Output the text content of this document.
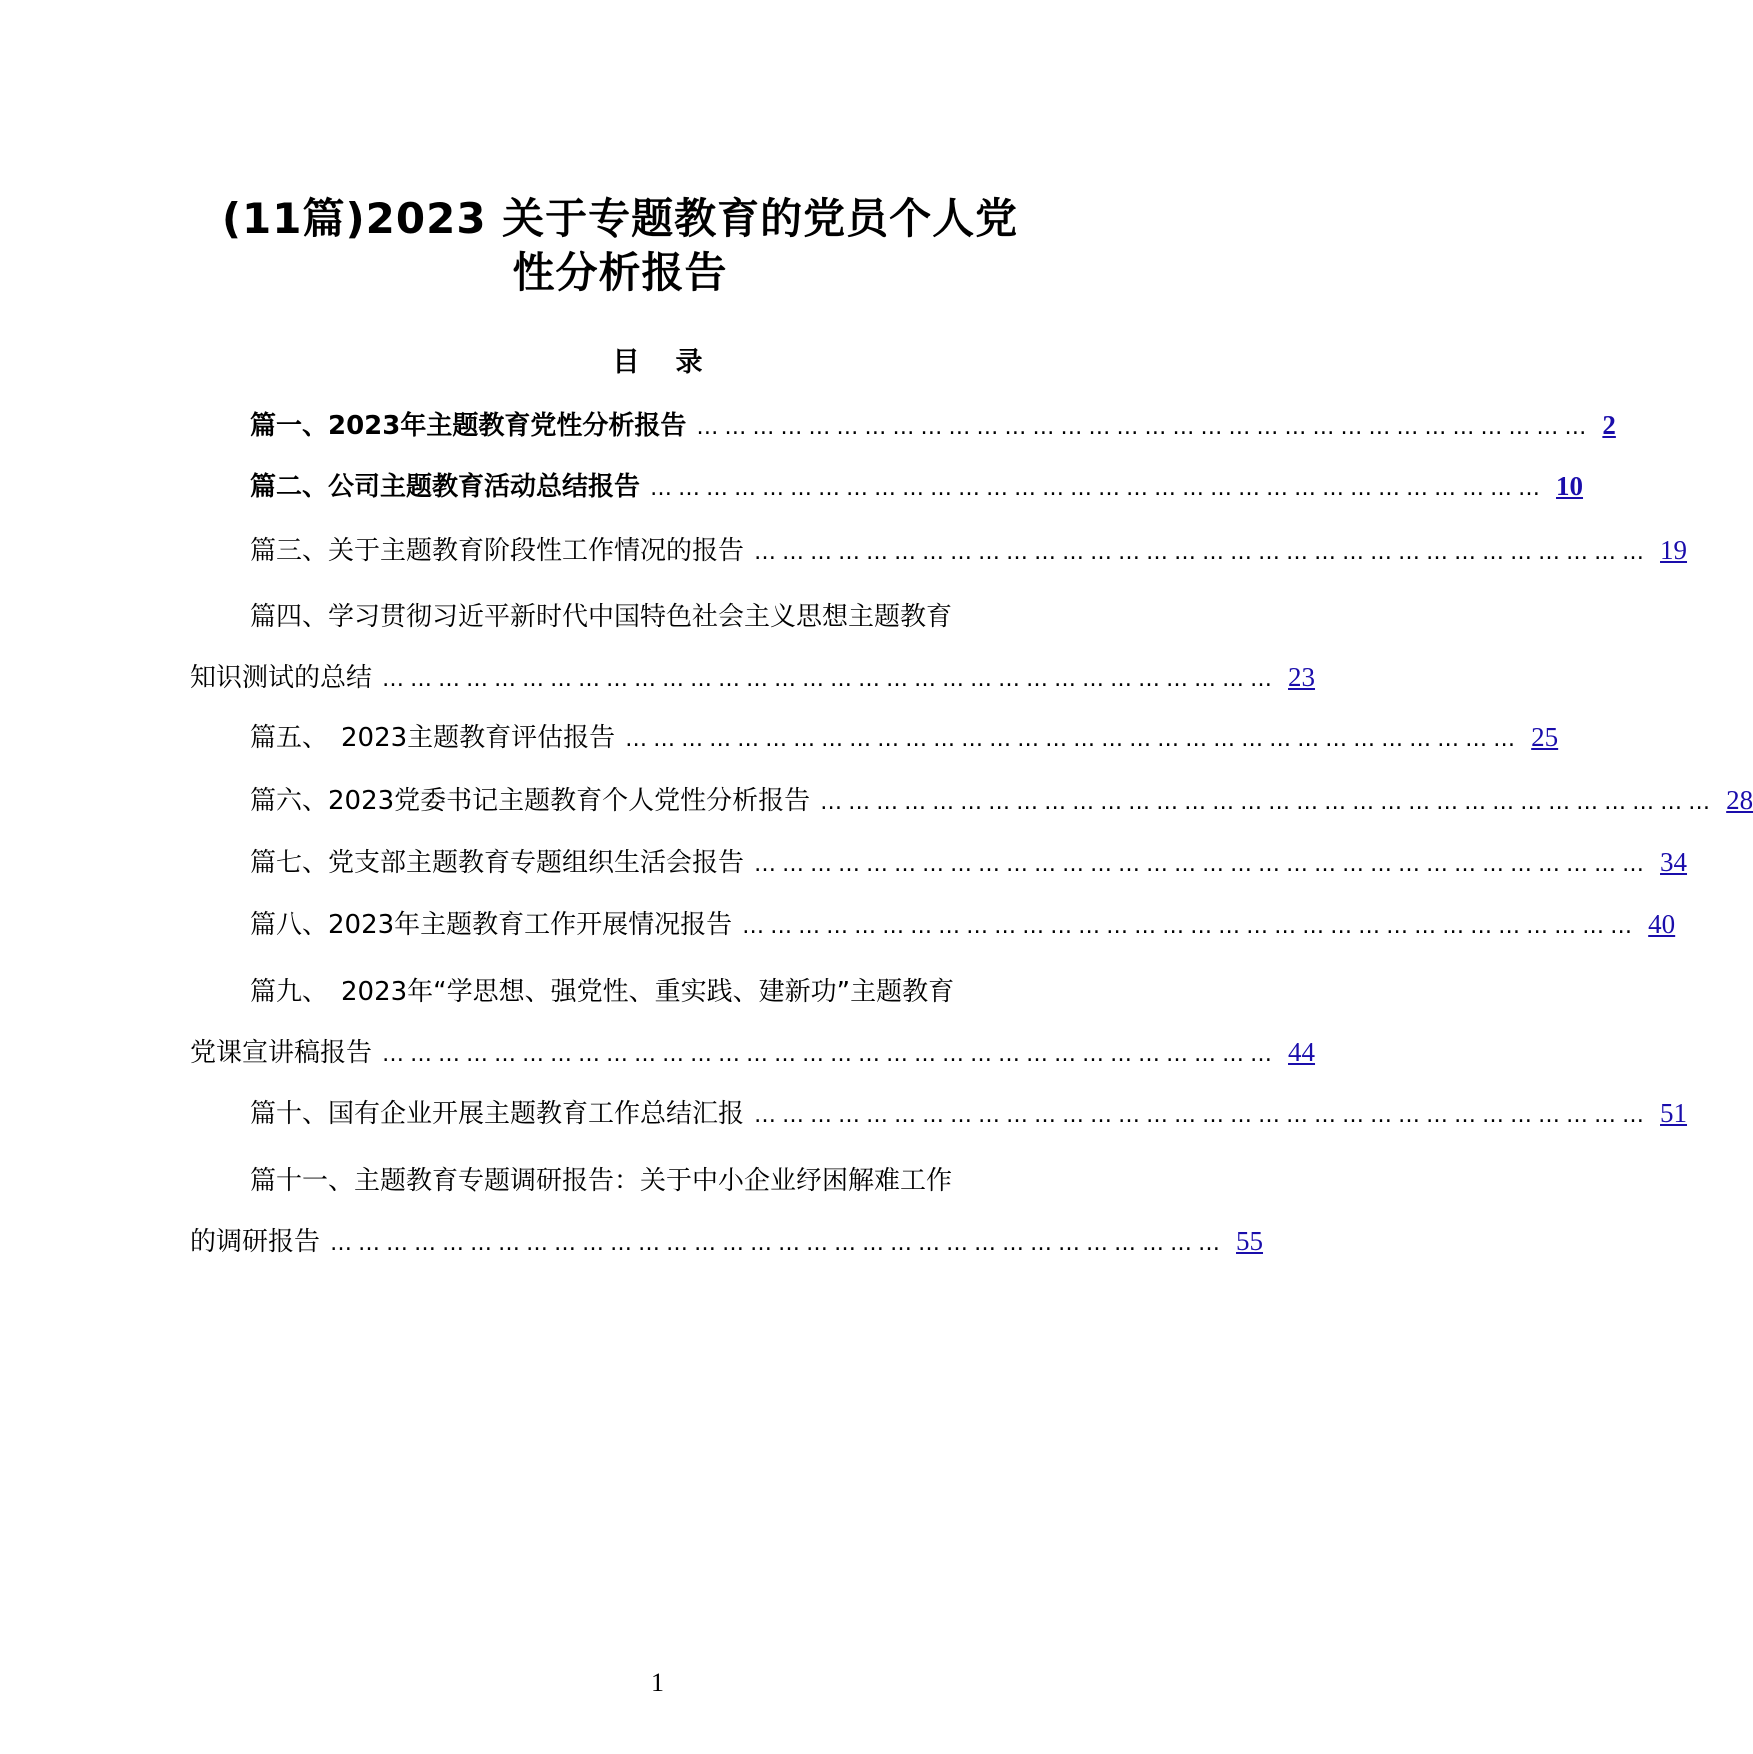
(11篇)2023 关于专题教育的党员个人党
性分析报告
目 录
篇一、2023年主题教育党性分析报告 …………………………………………………………………………………… 2
篇二、公司主题教育活动总结报告 …………………………………………………………………………………… 10
篇三、关于主题教育阶段性工作情况的报告 …………………………………………………………………………………… 19
篇四、学习贯彻习近平新时代中国特色社会主义思想主题教育
知识测试的总结 …………………………………………………………………………………… 23
篇五、　2023主题教育评估报告 …………………………………………………………………………………… 25
篇六、2023党委书记主题教育个人党性分析报告 …………………………………………………………………………………… 28
篇七、党支部主题教育专题组织生活会报告 …………………………………………………………………………………… 34
篇八、2023年主题教育工作开展情况报告 …………………………………………………………………………………… 40
篇九、　2023年“学思想、强党性、重实践、建新功”主题教育
党课宣讲稿报告 …………………………………………………………………………………… 44
篇十、国有企业开展主题教育工作总结汇报 …………………………………………………………………………………… 51
篇十一、主题教育专题调研报告：关于中小企业纾困解难工作
的调研报告 …………………………………………………………………………………… 55
1
